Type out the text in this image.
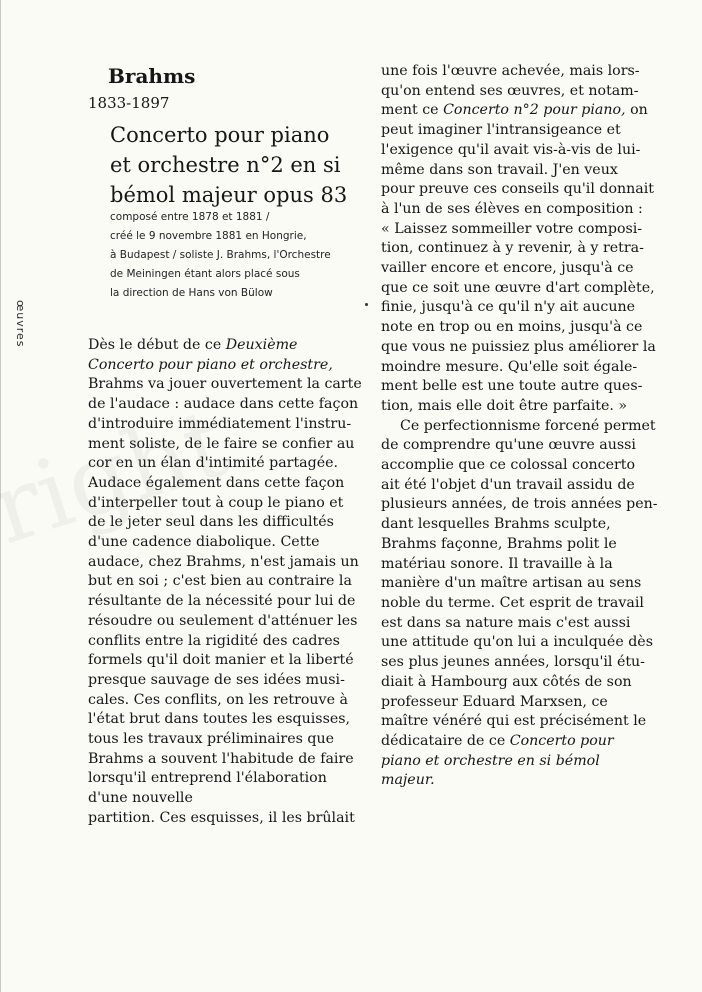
œuvres
Brahms
1833-1897
Concerto pour piano
et orchestre n°2 en si
bémol majeur opus 83
composé entre 1878 et 1881 /
créé le 9 novembre 1881 en Hongrie,
à Budapest / soliste J. Brahms, l'Orchestre
de Meiningen étant alors placé sous
la direction de Hans von Bülow
Dès le début de ce Deuxième
Concerto pour piano et orchestre,
Brahms va jouer ouvertement la carte
de l'audace : audace dans cette façon
d'introduire immédiatement l'instru-
ment soliste, de le faire se confier au
cor en un élan d'intimité partagée.
Audace également dans cette façon
d'interpeller tout à coup le piano et
de le jeter seul dans les difficultés
d'une cadence diabolique. Cette
audace, chez Brahms, n'est jamais un
but en soi ; c'est bien au contraire la
résultante de la nécessité pour lui de
résoudre ou seulement d'atténuer les
conflits entre la rigidité des cadres
formels qu'il doit manier et la liberté
presque sauvage de ses idées musi-
cales. Ces conflits, on les retrouve à
l'état brut dans toutes les esquisses,
tous les travaux préliminaires que
Brahms a souvent l'habitude de faire
lorsqu'il entreprend l'élaboration
d'une nouvelle
partition. Ces esquisses, il les brûlait
une fois l'œuvre achevée, mais lors-
qu'on entend ses œuvres, et notam-
ment ce Concerto n°2 pour piano, on
peut imaginer l'intransigeance et
l'exigence qu'il avait vis-à-vis de lui-
même dans son travail. J'en veux
pour preuve ces conseils qu'il donnait
à l'un de ses élèves en composition :
« Laissez sommeiller votre composi-
tion, continuez à y revenir, à y retra-
vailler encore et encore, jusqu'à ce
que ce soit une œuvre d'art complète,
finie, jusqu'à ce qu'il n'y ait aucune
note en trop ou en moins, jusqu'à ce
que vous ne puissiez plus améliorer la
moindre mesure. Qu'elle soit égale-
ment belle est une toute autre ques-
tion, mais elle doit être parfaite. »
Ce perfectionnisme forcené permet
de comprendre qu'une œuvre aussi
accomplie que ce colossal concerto
ait été l'objet d'un travail assidu de
plusieurs années, de trois années pen-
dant lesquelles Brahms sculpte,
Brahms façonne, Brahms polit le
matériau sonore. Il travaille à la
manière d'un maître artisan au sens
noble du terme. Cet esprit de travail
est dans sa nature mais c'est aussi
une attitude qu'on lui a inculquée dès
ses plus jeunes années, lorsqu'il étu-
diait à Hambourg aux côtés de son
professeur Eduard Marxsen, ce
maître vénéré qui est précisément le
dédicataire de ce Concerto pour
piano et orchestre en si bémol
majeur.
